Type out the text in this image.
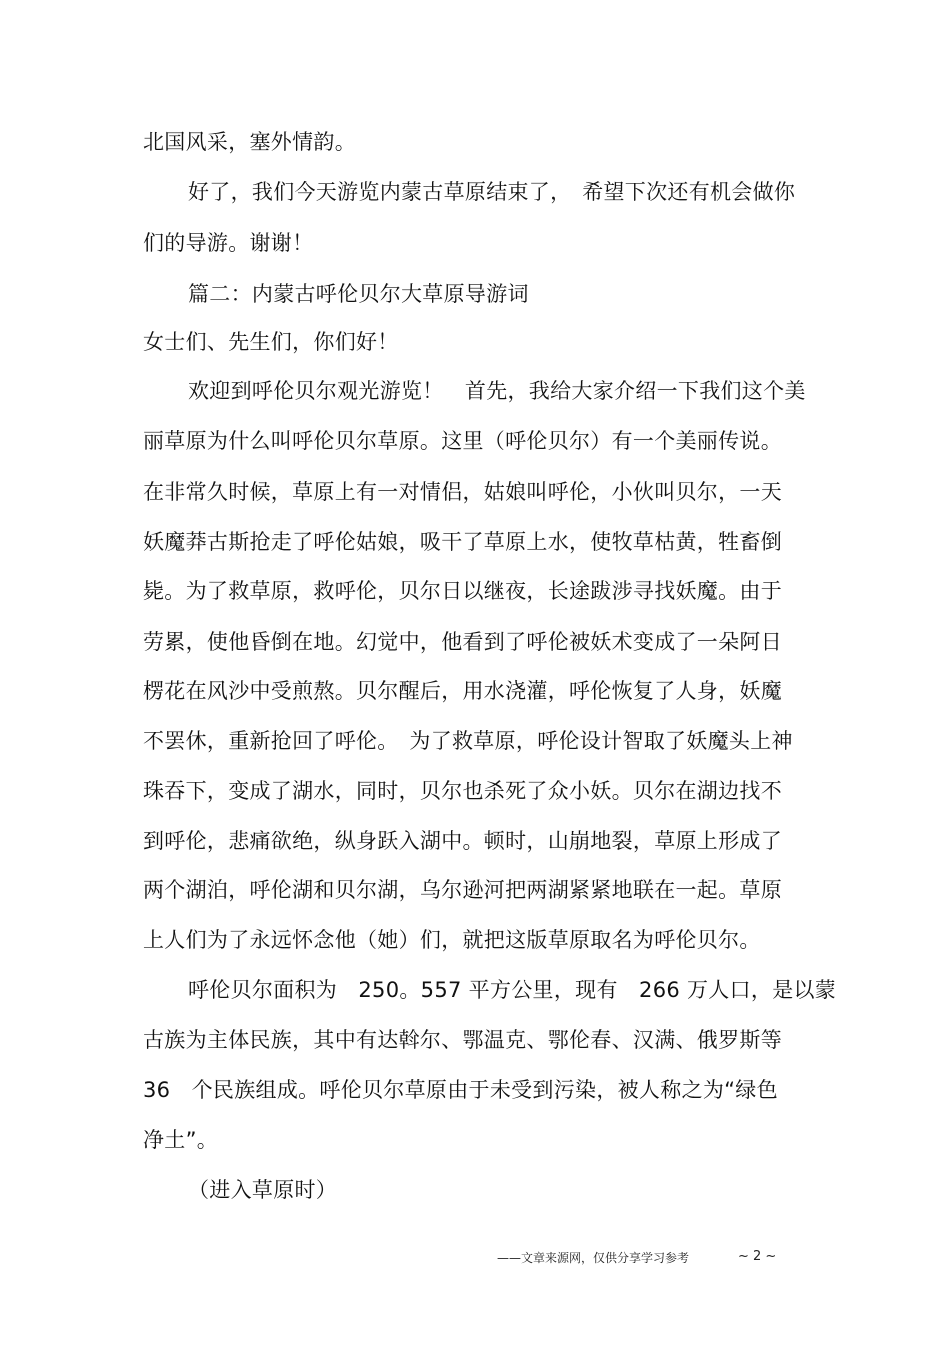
北国风采，塞外情韵。
好了，我们今天游览内蒙古草原结束了，　希望下次还有机会做你
们的导游。谢谢！
篇二：内蒙古呼伦贝尔大草原导游词
女士们、先生们，你们好！
欢迎到呼伦贝尔观光游览！　首先，我给大家介绍一下我们这个美
丽草原为什么叫呼伦贝尔草原。这里（呼伦贝尔）有一个美丽传说。
在非常久时候，草原上有一对情侣，姑娘叫呼伦，小伙叫贝尔，一天
妖魔莽古斯抢走了呼伦姑娘，吸干了草原上水，使牧草枯黄，牲畜倒
毙。为了救草原，救呼伦，贝尔日以继夜，长途跋涉寻找妖魔。由于
劳累，使他昏倒在地。幻觉中，他看到了呼伦被妖术变成了一朵阿日
楞花在风沙中受煎熬。贝尔醒后，用水浇灌，呼伦恢复了人身，妖魔
不罢休，重新抢回了呼伦。　为了救草原，呼伦设计智取了妖魔头上神
珠吞下，变成了湖水，同时，贝尔也杀死了众小妖。贝尔在湖边找不
到呼伦，悲痛欲绝，纵身跃入湖中。顿时，山崩地裂，草原上形成了
两个湖泊，呼伦湖和贝尔湖，乌尔逊河把两湖紧紧地联在一起。草原
上人们为了永远怀念他（她）们，就把这版草原取名为呼伦贝尔。
呼伦贝尔面积为　250。557 平方公里，现有　266 万人口，是以蒙
古族为主体民族，其中有达斡尔、鄂温克、鄂伦春、汉满、俄罗斯等
36　个民族组成。呼伦贝尔草原由于未受到污染，被人称之为“绿色
净土”。
（进入草原时）
——文章来源网，仅供分享学习参考	~ 2 ~
